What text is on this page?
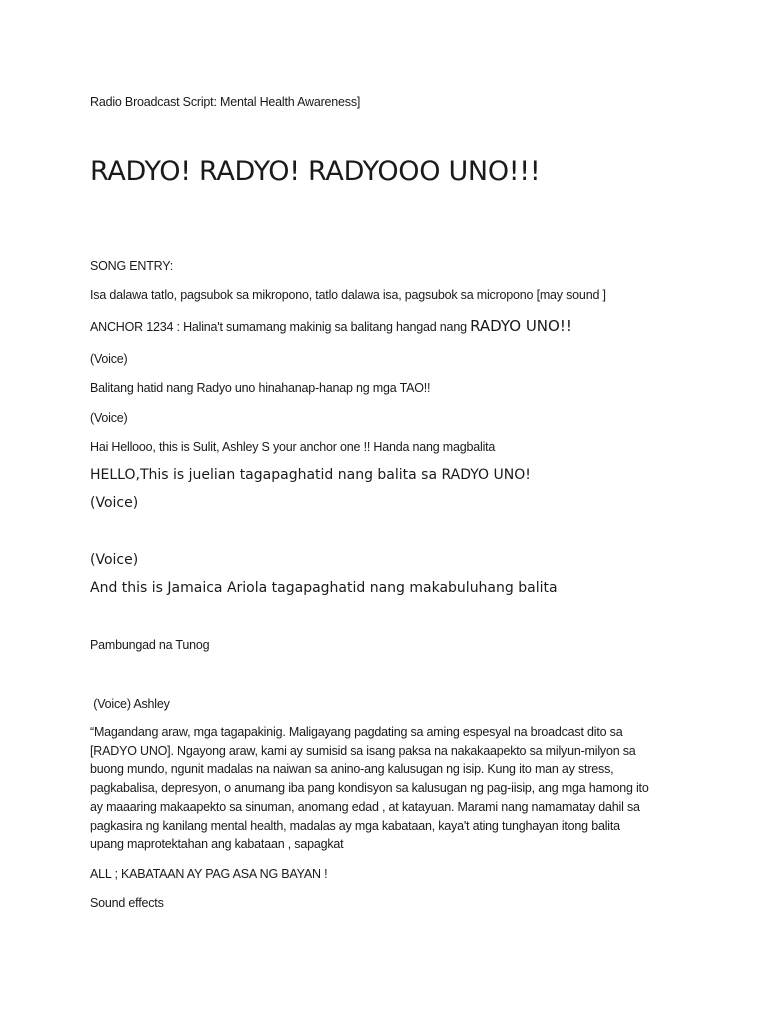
Radio Broadcast Script: Mental Health Awareness]
RADYO! RADYO! RADYOOO UNO!!!
SONG ENTRY:
Isa dalawa tatlo, pagsubok sa mikropono, tatlo dalawa isa, pagsubok sa micropono [may sound ]
ANCHOR 1234 : Halina't sumamang makinig sa balitang hangad nang RADYO UNO!!
(Voice)
Balitang hatid nang Radyo uno hinahanap-hanap ng mga TAO!!
(Voice)
Hai Hellooo, this is Sulit, Ashley S your anchor one !! Handa nang magbalita
HELLO,This is juelian tagapaghatid nang balita sa RADYO UNO!
(Voice)
(Voice)
And this is Jamaica Ariola tagapaghatid nang makabuluhang balita
Pambungad na Tunog
(Voice) Ashley
“Magandang araw, mga tagapakinig. Maligayang pagdating sa aming espesyal na broadcast dito sa
[RADYO UNO]. Ngayong araw, kami ay sumisid sa isang paksa na nakakaapekto sa milyun-milyon sa
buong mundo, ngunit madalas na naiwan sa anino-ang kalusugan ng isip. Kung ito man ay stress,
pagkabalisa, depresyon, o anumang iba pang kondisyon sa kalusugan ng pag-iisip, ang mga hamong ito
ay maaaring makaapekto sa sinuman, anomang edad , at katayuan. Marami nang namamatay dahil sa
pagkasira ng kanilang mental health, madalas ay mga kabataan, kaya't ating tunghayan itong balita
upang maprotektahan ang kabataan , sapagkat
ALL ; KABATAAN AY PAG ASA NG BAYAN !
Sound effects
